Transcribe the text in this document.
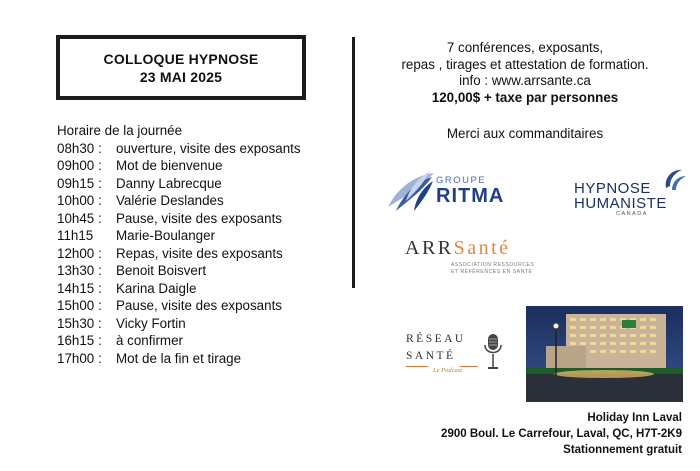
COLLOQUE HYPNOSE
23 MAI 2025
Horaire de la journée
08h30 :	ouverture, visite des exposants
09h00 :	Mot de bienvenue
09h15 :	Danny Labrecque
10h00 :	Valérie Deslandes
10h45 :	Pause, visite des exposants
11h15	Marie-Boulanger
12h00 :	Repas, visite des exposants
13h30 :	Benoit Boisvert
14h15 :	Karina Daigle
15h00 :	Pause, visite des exposants
15h30 :	Vicky Fortin
16h15 :	à confirmer
17h00 :	Mot de la fin et tirage
7 conférences, exposants,
repas , tirages et attestation de formation.
info : www.arrsante.ca
120,00$ + taxe par personnes
Merci aux commanditaires
GROUPE
RITMA	HYPNOSE
HUMANISTE
CANADA
ARRSanté
ASSOCIATION RESSOURCES
ET RÉFÉRENCES EN SANTÉ
RÉSEAU
SANTÉ
Le Podcast
Holiday Inn Laval
2900 Boul. Le Carrefour, Laval, QC, H7T-2K9
Stationnement gratuit
